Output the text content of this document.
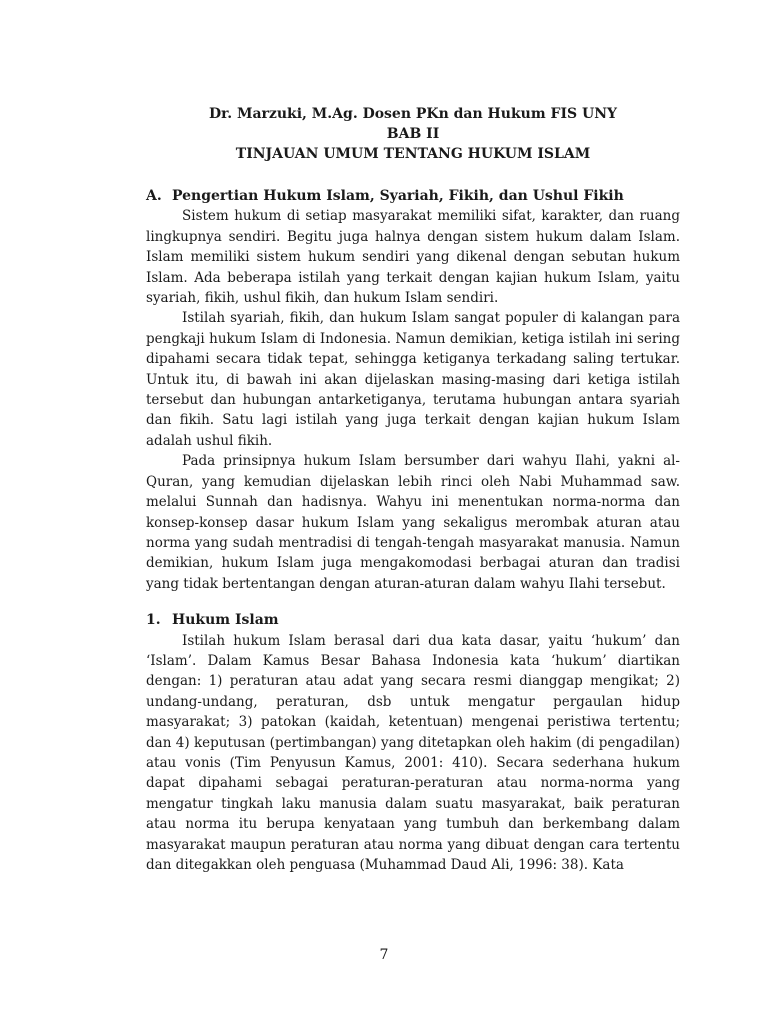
Dr. Marzuki, M.Ag. Dosen PKn dan Hukum FIS UNY
BAB II
TINJAUAN UMUM TENTANG HUKUM ISLAM
A. Pengertian Hukum Islam, Syariah, Fikih, dan Ushul Fikih

Sistem hukum di setiap masyarakat memiliki sifat, karakter, dan ruang lingkupnya sendiri. Begitu juga halnya dengan sistem hukum dalam Islam. Islam memiliki sistem hukum sendiri yang dikenal dengan sebutan hukum Islam. Ada beberapa istilah yang terkait dengan kajian hukum Islam, yaitu syariah, fikih, ushul fikih, dan hukum Islam sendiri.

Istilah syariah, fikih, dan hukum Islam sangat populer di kalangan para pengkaji hukum Islam di Indonesia. Namun demikian, ketiga istilah ini sering dipahami secara tidak tepat, sehingga ketiganya terkadang saling tertukar. Untuk itu, di bawah ini akan dijelaskan masing-masing dari ketiga istilah tersebut dan hubungan antarketiganya, terutama hubungan antara syariah dan fikih. Satu lagi istilah yang juga terkait dengan kajian hukum Islam adalah ushul fikih.

Pada prinsipnya hukum Islam bersumber dari wahyu Ilahi, yakni al-Quran, yang kemudian dijelaskan lebih rinci oleh Nabi Muhammad saw. melalui Sunnah dan hadisnya. Wahyu ini menentukan norma-norma dan konsep-konsep dasar hukum Islam yang sekaligus merombak aturan atau norma yang sudah mentradisi di tengah-tengah masyarakat manusia. Namun demikian, hukum Islam juga mengakomodasi berbagai aturan dan tradisi yang tidak bertentangan dengan aturan-aturan dalam wahyu Ilahi tersebut.

1. Hukum Islam

Istilah hukum Islam berasal dari dua kata dasar, yaitu ‘hukum’ dan ‘Islam’. Dalam Kamus Besar Bahasa Indonesia kata ‘hukum’ diartikan dengan: 1) peraturan atau adat yang secara resmi dianggap mengikat; 2) undang-undang, peraturan, dsb untuk mengatur pergaulan hidup masyarakat; 3) patokan (kaidah, ketentuan) mengenai peristiwa tertentu; dan 4) keputusan (pertimbangan) yang ditetapkan oleh hakim (di pengadilan) atau vonis (Tim Penyusun Kamus, 2001: 410). Secara sederhana hukum dapat dipahami sebagai peraturan-peraturan atau norma-norma yang mengatur tingkah laku manusia dalam suatu masyarakat, baik peraturan atau norma itu berupa kenyataan yang tumbuh dan berkembang dalam masyarakat maupun peraturan atau norma yang dibuat dengan cara tertentu dan ditegakkan oleh penguasa (Muhammad Daud Ali, 1996: 38). Kata

7
